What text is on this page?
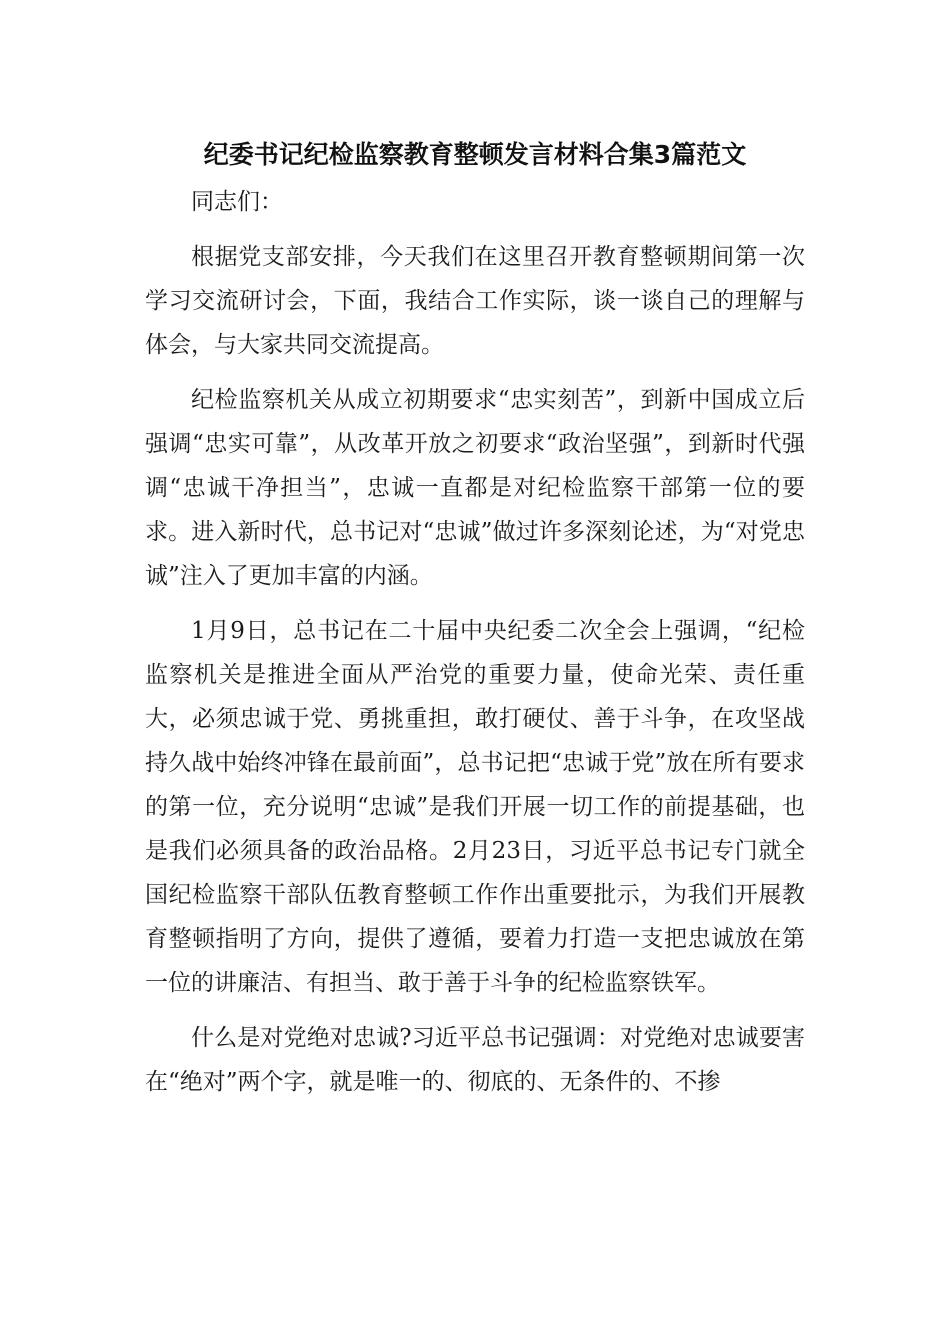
纪委书记纪检监察教育整顿发言材料合集3篇范文

同志们：

根据党支部安排，今天我们在这里召开教育整顿期间第一次学习交流研讨会，下面，我结合工作实际，谈一谈自己的理解与体会，与大家共同交流提高。

纪检监察机关从成立初期要求“忠实刻苦”，到新中国成立后强调“忠实可靠”，从改革开放之初要求“政治坚强”，到新时代强调“忠诚干净担当”，忠诚一直都是对纪检监察干部第一位的要求。进入新时代，总书记对“忠诚”做过许多深刻论述，为“对党忠诚”注入了更加丰富的内涵。

1月9日，总书记在二十届中央纪委二次全会上强调，“纪检监察机关是推进全面从严治党的重要力量，使命光荣、责任重大，必须忠诚于党、勇挑重担，敢打硬仗、善于斗争，在攻坚战持久战中始终冲锋在最前面”，总书记把“忠诚于党”放在所有要求的第一位，充分说明“忠诚”是我们开展一切工作的前提基础，也是我们必须具备的政治品格。2月23日，习近平总书记专门就全国纪检监察干部队伍教育整顿工作作出重要批示，为我们开展教育整顿指明了方向，提供了遵循，要着力打造一支把忠诚放在第一位的讲廉洁、有担当、敢于善于斗争的纪检监察铁军。

什么是对党绝对忠诚?习近平总书记强调：对党绝对忠诚要害在“绝对”两个字，就是唯一的、彻底的、无条件的、不掺
